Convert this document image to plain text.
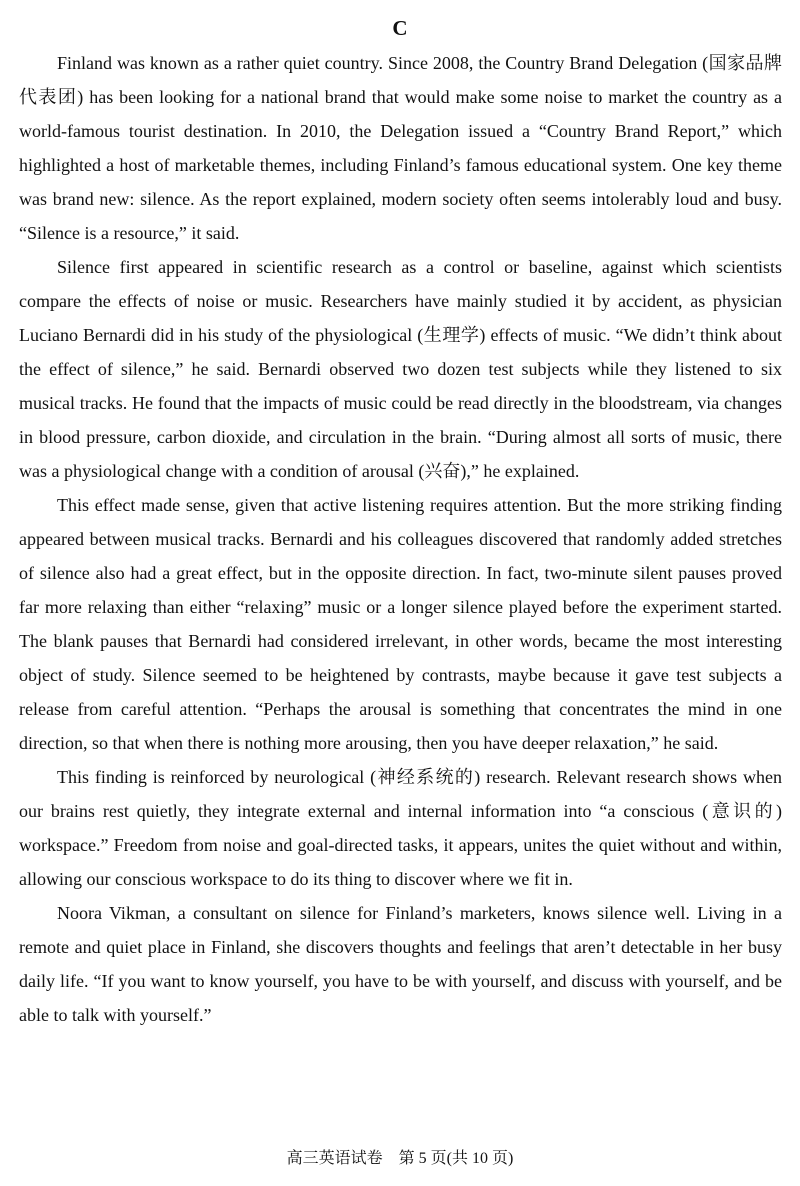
C

Finland was known as a rather quiet country. Since 2008, the Country Brand Delegation (国家品牌代表团) has been looking for a national brand that would make some noise to market the country as a world-famous tourist destination. In 2010, the Delegation issued a “Country Brand Report,” which highlighted a host of marketable themes, including Finland’s famous educational system. One key theme was brand new: silence. As the report explained, modern society often seems intolerably loud and busy. “Silence is a resource,” it said.

Silence first appeared in scientific research as a control or baseline, against which scientists compare the effects of noise or music. Researchers have mainly studied it by accident, as physician Luciano Bernardi did in his study of the physiological (生理学) effects of music. “We didn’t think about the effect of silence,” he said. Bernardi observed two dozen test subjects while they listened to six musical tracks. He found that the impacts of music could be read directly in the bloodstream, via changes in blood pressure, carbon dioxide, and circulation in the brain. “During almost all sorts of music, there was a physiological change with a condition of arousal (兴奋),” he explained.

This effect made sense, given that active listening requires attention. But the more striking finding appeared between musical tracks. Bernardi and his colleagues discovered that randomly added stretches of silence also had a great effect, but in the opposite direction. In fact, two-minute silent pauses proved far more relaxing than either “relaxing” music or a longer silence played before the experiment started. The blank pauses that Bernardi had considered irrelevant, in other words, became the most interesting object of study. Silence seemed to be heightened by contrasts, maybe because it gave test subjects a release from careful attention. “Perhaps the arousal is something that concentrates the mind in one direction, so that when there is nothing more arousing, then you have deeper relaxation,” he said.

This finding is reinforced by neurological (神经系统的) research. Relevant research shows when our brains rest quietly, they integrate external and internal information into “a conscious (意识的) workspace.” Freedom from noise and goal-directed tasks, it appears, unites the quiet without and within, allowing our conscious workspace to do its thing to discover where we fit in.

Noora Vikman, a consultant on silence for Finland’s marketers, knows silence well. Living in a remote and quiet place in Finland, she discovers thoughts and feelings that aren’t detectable in her busy daily life. “If you want to know yourself, you have to be with yourself, and discuss with yourself, and be able to talk with yourself.”

高三英语试卷　第 5 页(共 10 页)
